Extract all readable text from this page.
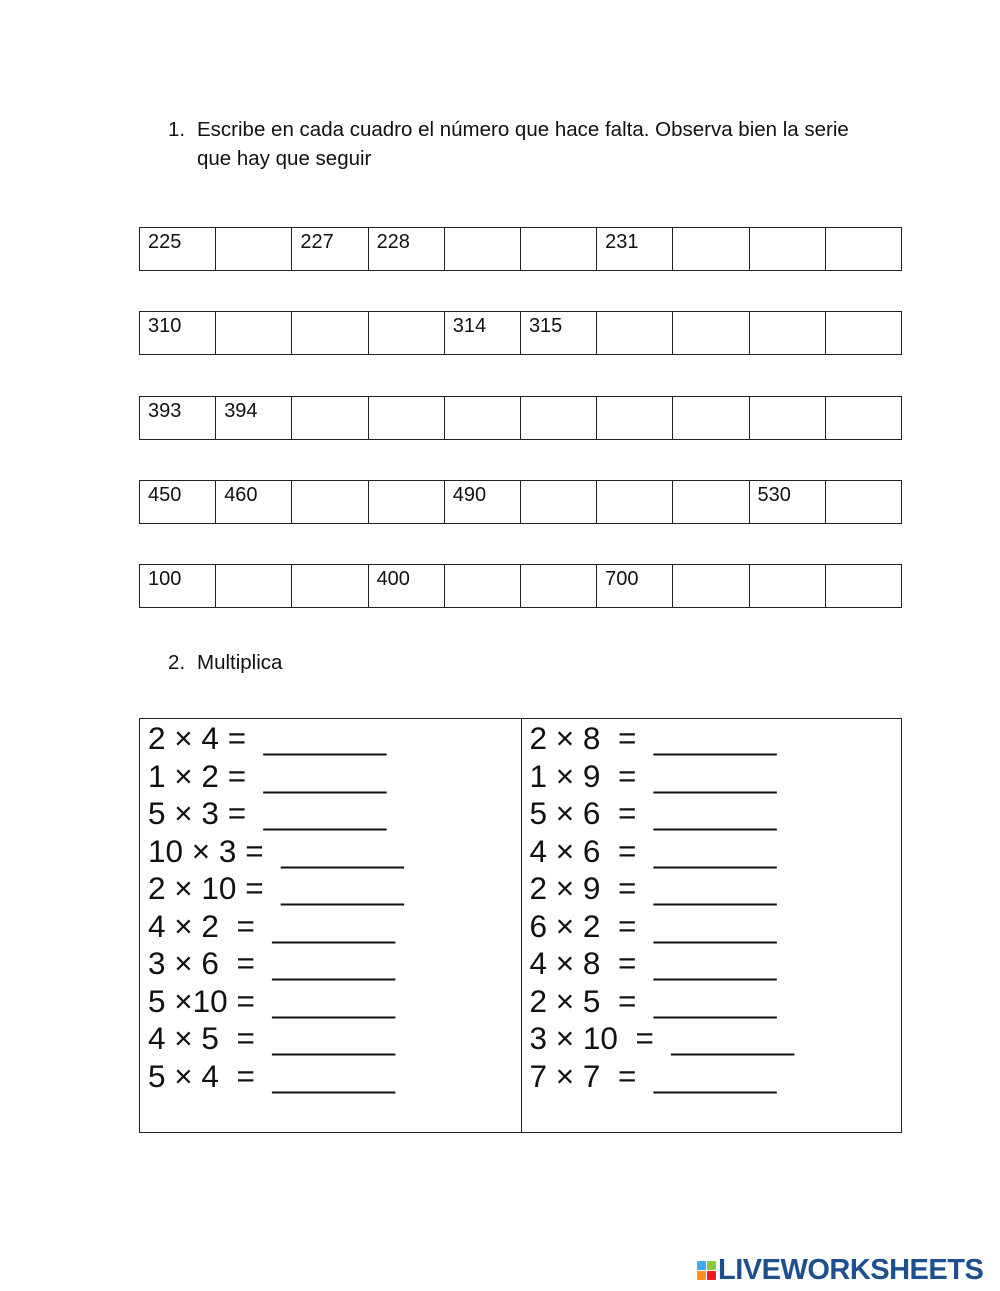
1. Escribe en cada cuadro el número que hace falta. Observa bien la serie que hay que seguir
225		227	228			231			
310				314	315				
393	394								
450	460			490				530	
100			400			700			
2. Multiplica
2 × 4 =  _______
1 × 2 =  _______
5 × 3 =  _______
10 × 3 =  _______
2 × 10 =  _______
4 × 2  =  _______
3 × 6  =  _______
5 ×10 =  _______
4 × 5  =  _______
5 × 4  =  _______
2 × 8  =  _______
1 × 9  =  _______
5 × 6  =  _______
4 × 6  =  _______
2 × 9  =  _______
6 × 2  =  _______
4 × 8  =  _______
2 × 5  =  _______
3 × 10  =  _______
7 × 7  =  _______
LIVEWORKSHEETS
